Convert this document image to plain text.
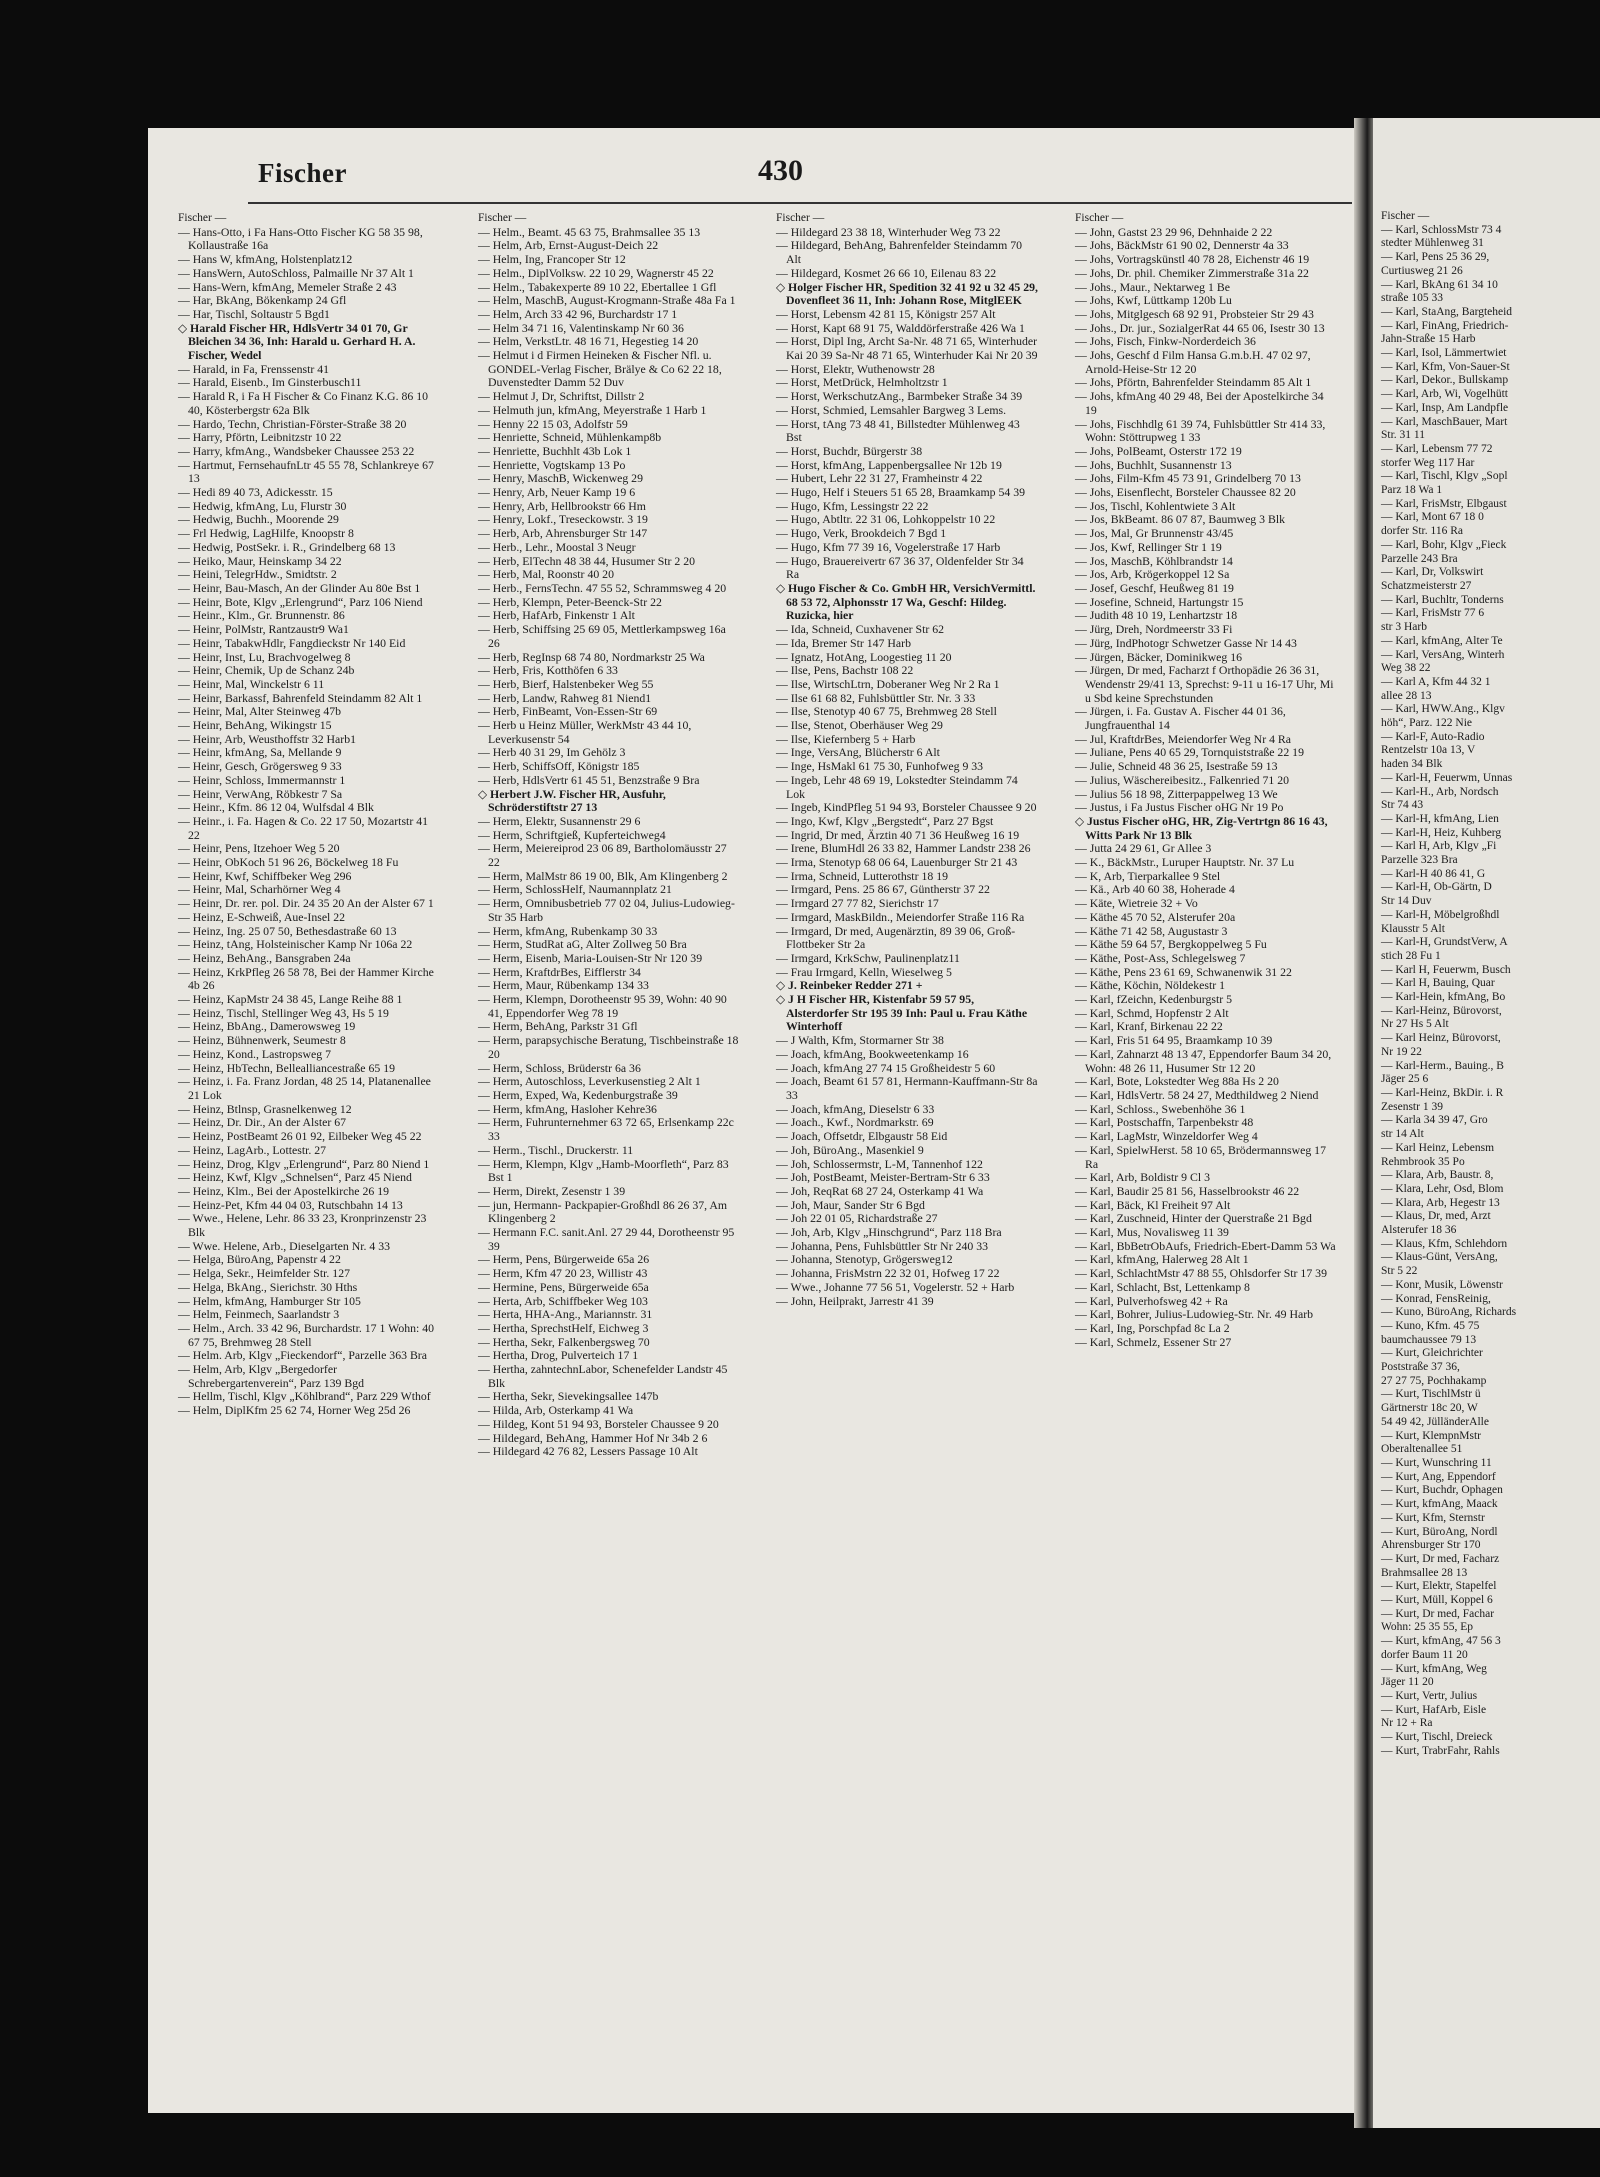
Fischer	430
Fischer —
— Hans-Otto, i Fa Hans-Otto Fischer KG 58 35 98, Kollaustraße 16a
— Hans W, kfmAng, Holstenplatz12
— HansWern, AutoSchloss, Palmaille Nr 37 Alt 1
— Hans-Wern, kfmAng, Memeler Straße 2 43
— Har, BkAng, Bökenkamp 24 Gfl
— Har, Tischl, Soltaustr 5 Bgd1
◇ Harald Fischer HR, HdlsVertr 34 01 70, Gr Bleichen 34 36, Inh: Harald u. Gerhard H. A. Fischer, Wedel
— Harald, in Fa, Frenssenstr 41
— Harald, Eisenb., Im Ginsterbusch11
— Harald R, i Fa H Fischer & Co Finanz K.G. 86 10 40, Kösterbergstr 62a Blk
— Hardo, Techn, Christian-Förster-Straße 38 20
— Harry, Pförtn, Leibnitzstr 10 22
— Harry, kfmAng., Wandsbeker Chaussee 253 22
— Hartmut, FernsehaufnLtr 45 55 78, Schlankreye 67 13
— Hedi 89 40 73, Adickesstr. 15
— Hedwig, kfmAng, Lu, Flurstr 30
— Hedwig, Buchh., Moorende 29
— Frl Hedwig, LagHilfe, Knoopstr 8
— Hedwig, PostSekr. i. R., Grindelberg 68 13
— Heiko, Maur, Heinskamp 34 22
— Heini, TelegrHdw., Smidtstr. 2
— Heinr, Bau-Masch, An der Glinder Au 80e Bst 1
— Heinr, Bote, Klgv „Erlengrund“, Parz 106 Niend
— Heinr., Klm., Gr. Brunnenstr. 86
— Heinr, PolMstr, Rantzaustr9 Wa1
— Heinr, TabakwHdlr, Fangdieckstr Nr 140 Eid
— Heinr, Inst, Lu, Brachvogelweg 8
— Heinr, Chemik, Up de Schanz 24b
— Heinr, Mal, Winckelstr 6 11
— Heinr, Barkassf, Bahrenfeld Steindamm 82 Alt 1
— Heinr, Mal, Alter Steinweg 47b
— Heinr, BehAng, Wikingstr 15
— Heinr, Arb, Weusthoffstr 32 Harb1
— Heinr, kfmAng, Sa, Mellande 9
— Heinr, Gesch, Grögersweg 9 33
— Heinr, Schloss, Immermannstr 1
— Heinr, VerwAng, Röbkestr 7 Sa
— Heinr., Kfm. 86 12 04, Wulfsdal 4 Blk
— Heinr., i. Fa. Hagen & Co. 22 17 50, Mozartstr 41 22
— Heinr, Pens, Itzehoer Weg 5 20
— Heinr, ObKoch 51 96 26, Böckelweg 18 Fu
— Heinr, Kwf, Schiffbeker Weg 296
— Heinr, Mal, Scharhörner Weg 4
— Heinr, Dr. rer. pol. Dir. 24 35 20 An der Alster 67 1
— Heinz, E-Schweiß, Aue-Insel 22
— Heinz, Ing. 25 07 50, Bethesdastraße 60 13
— Heinz, tAng, Holsteinischer Kamp Nr 106a 22
— Heinz, BehAng., Bansgraben 24a
— Heinz, KrkPfleg 26 58 78, Bei der Hammer Kirche 4b 26
— Heinz, KapMstr 24 38 45, Lange Reihe 88 1
— Heinz, Tischl, Stellinger Weg 43, Hs 5 19
— Heinz, BbAng., Damerowsweg 19
— Heinz, Bühnenwerk, Seumestr 8
— Heinz, Kond., Lastropsweg 7
— Heinz, HbTechn, Bellealliancestraße 65 19
— Heinz, i. Fa. Franz Jordan, 48 25 14, Platanenallee 21 Lok
— Heinz, Btlnsp, Grasnelkenweg 12
— Heinz, Dr. Dir., An der Alster 67
— Heinz, PostBeamt 26 01 92, Eilbeker Weg 45 22
— Heinz, LagArb., Lottestr. 27
— Heinz, Drog, Klgv „Erlengrund“, Parz 80 Niend 1
— Heinz, Kwf, Klgv „Schnelsen“, Parz 45 Niend
— Heinz, Klm., Bei der Apostelkirche 26 19
— Heinz-Pet, Kfm 44 04 03, Rutschbahn 14 13
— Wwe., Helene, Lehr. 86 33 23, Kronprinzenstr 23 Blk
— Wwe. Helene, Arb., Dieselgarten Nr. 4 33
— Helga, BüroAng, Papenstr 4 22
— Helga, Sekr., Heimfelder Str. 127
— Helga, BkAng., Sierichstr. 30 Hths
— Helm, kfmAng, Hamburger Str 105
— Helm, Feinmech, Saarlandstr 3
— Helm., Arch. 33 42 96, Burchardstr. 17 1 Wohn: 40 67 75, Brehmweg 28 Stell
— Helm. Arb, Klgv „Fieckendorf“, Parzelle 363 Bra
— Helm, Arb, Klgv „Bergedorfer Schrebergartenverein“, Parz 139 Bgd
— Hellm, Tischl, Klgv „Köhlbrand“, Parz 229 Wthof
— Helm, DiplKfm 25 62 74, Horner Weg 25d 26
Fischer —
— Helm., Beamt. 45 63 75, Brahmsallee 35 13
— Helm, Arb, Ernst-August-Deich 22
— Helm, Ing, Francoper Str 12
— Helm., DiplVolksw. 22 10 29, Wagnerstr 45 22
— Helm., Tabakexperte 89 10 22, Ebertallee 1 Gfl
— Helm, MaschB, August-Krogmann-Straße 48a Fa 1
— Helm, Arch 33 42 96, Burchardstr 17 1
— Helm 34 71 16, Valentinskamp Nr 60 36
— Helm, VerkstLtr. 48 16 71, Hegestieg 14 20
— Helmut i d Firmen Heineken & Fischer Nfl. u. GONDEL-Verlag Fischer, Brälye & Co 62 22 18, Duvenstedter Damm 52 Duv
— Helmut J, Dr, Schriftst, Dillstr 2
— Helmuth jun, kfmAng, Meyerstraße 1 Harb 1
— Henny 22 15 03, Adolfstr 59
— Henriette, Schneid, Mühlenkamp8b
— Henriette, Buchhlt 43b Lok 1
— Henriette, Vogtskamp 13 Po
— Henry, MaschB, Wickenweg 29
— Henry, Arb, Neuer Kamp 19 6
— Henry, Arb, Hellbrookstr 66 Hm
— Henry, Lokf., Treseckowstr. 3 19
— Herb, Arb, Ahrensburger Str 147
— Herb., Lehr., Moostal 3 Neugr
— Herb, ElTechn 48 38 44, Husumer Str 2 20
— Herb, Mal, Roonstr 40 20
— Herb., FernsTechn. 47 55 52, Schrammsweg 4 20
— Herb, Klempn, Peter-Beenck-Str 22
— Herb, HafArb, Finkenstr 1 Alt
— Herb, Schiffsing 25 69 05, Mettlerkampsweg 16a 26
— Herb, RegInsp 68 74 80, Nordmarkstr 25 Wa
— Herb, Fris, Kotthöfen 6 33
— Herb, Bierf, Halstenbeker Weg 55
— Herb, Landw, Rahweg 81 Niend1
— Herb, FinBeamt, Von-Essen-Str 69
— Herb u Heinz Müller, WerkMstr 43 44 10, Leverkusenstr 54
— Herb 40 31 29, Im Gehölz 3
— Herb, SchiffsOff, Königstr 185
— Herb, HdlsVertr 61 45 51, Benzstraße 9 Bra
◇ Herbert J.W. Fischer HR, Ausfuhr, Schröderstiftstr 27 13
— Herm, Elektr, Susannenstr 29 6
— Herm, Schriftgieß, Kupferteichweg4
— Herm, Meiereiprod 23 06 89, Bartholomäusstr 27 22
— Herm, MalMstr 86 19 00, Blk, Am Klingenberg 2
— Herm, SchlossHelf, Naumannplatz 21
— Herm, Omnibusbetrieb 77 02 04, Julius-Ludowieg-Str 35 Harb
— Herm, kfmAng, Rubenkamp 30 33
— Herm, StudRat aG, Alter Zollweg 50 Bra
— Herm, Eisenb, Maria-Louisen-Str Nr 120 39
— Herm, KraftdrBes, Eifflerstr 34
— Herm, Maur, Rübenkamp 134 33
— Herm, Klempn, Dorotheenstr 95 39, Wohn: 40 90 41, Eppendorfer Weg 78 19
— Herm, BehAng, Parkstr 31 Gfl
— Herm, parapsychische Beratung, Tischbeinstraße 18 20
— Herm, Schloss, Brüderstr 6a 36
— Herm, Autoschloss, Leverkusenstieg 2 Alt 1
— Herm, Exped, Wa, Kedenburgstraße 39
— Herm, kfmAng, Hasloher Kehre36
— Herm, Fuhrunternehmer 63 72 65, Erlsenkamp 22c 33
— Herm., Tischl., Druckerstr. 11
— Herm, Klempn, Klgv „Hamb-Moorfleth“, Parz 83 Bst 1
— Herm, Direkt, Zesenstr 1 39
— jun, Hermann- Packpapier-Großhdl 86 26 37, Am Klingenberg 2
— Hermann F.C. sanit.Anl. 27 29 44, Dorotheenstr 95 39
— Herm, Pens, Bürgerweide 65a 26
— Herm, Kfm 47 20 23, Willistr 43
— Hermine, Pens, Bürgerweide 65a
— Herta, Arb, Schiffbeker Weg 103
— Herta, HHA-Ang., Mariannstr. 31
— Hertha, SprechstHelf, Eichweg 3
— Hertha, Sekr, Falkenbergsweg 70
— Hertha, Drog, Pulverteich 17 1
— Hertha, zahntechnLabor, Schenefelder Landstr 45 Blk
— Hertha, Sekr, Sievekingsallee 147b
— Hilda, Arb, Osterkamp 41 Wa
— Hildeg, Kont 51 94 93, Borsteler Chaussee 9 20
— Hildegard, BehAng, Hammer Hof Nr 34b 2 6
— Hildegard 42 76 82, Lessers Passage 10 Alt
Fischer —
— Hildegard 23 38 18, Winterhuder Weg 73 22
— Hildegard, BehAng, Bahrenfelder Steindamm 70 Alt
— Hildegard, Kosmet 26 66 10, Eilenau 83 22
◇ Holger Fischer HR, Spedition 32 41 92 u 32 45 29, Dovenfleet 36 11, Inh: Johann Rose, MitglEEK
— Horst, Lebensm 42 81 15, Königstr 257 Alt
— Horst, Kapt 68 91 75, Walddörferstraße 426 Wa 1
— Horst, Dipl Ing, Archt Sa-Nr. 48 71 65, Winterhuder Kai 20 39 Sa-Nr 48 71 65, Winterhuder Kai Nr 20 39
— Horst, Elektr, Wuthenowstr 28
— Horst, MetDrück, Helmholtzstr 1
— Horst, WerkschutzAng., Barmbeker Straße 34 39
— Horst, Schmied, Lemsahler Bargweg 3 Lems.
— Horst, tAng 73 48 41, Billstedter Mühlenweg 43 Bst
— Horst, Buchdr, Bürgerstr 38
— Horst, kfmAng, Lappenbergsallee Nr 12b 19
— Hubert, Lehr 22 31 27, Framheinstr 4 22
— Hugo, Helf i Steuers 51 65 28, Braamkamp 54 39
— Hugo, Kfm, Lessingstr 22 22
— Hugo, Abtltr. 22 31 06, Lohkoppelstr 10 22
— Hugo, Verk, Brookdeich 7 Bgd 1
— Hugo, Kfm 77 39 16, Vogelerstraße 17 Harb
— Hugo, Brauereivertr 67 36 37, Oldenfelder Str 34 Ra
◇ Hugo Fischer & Co. GmbH HR, VersichVermittl. 68 53 72, Alphonsstr 17 Wa, Geschf: Hildeg. Ruzicka, hier
— Ida, Schneid, Cuxhavener Str 62
— Ida, Bremer Str 147 Harb
— Ignatz, HotAng, Loogestieg 11 20
— Ilse, Pens, Bachstr 108 22
— Ilse, WirtschLtrn, Doberaner Weg Nr 2 Ra 1
— Ilse 61 68 82, Fuhlsbüttler Str. Nr. 3 33
— Ilse, Stenotyp 40 67 75, Brehmweg 28 Stell
— Ilse, Stenot, Oberhäuser Weg 29
— Ilse, Kiefernberg 5 + Harb
— Inge, VersAng, Blücherstr 6 Alt
— Inge, HsMakl 61 75 30, Funhofweg 9 33
— Ingeb, Lehr 48 69 19, Lokstedter Steindamm 74 Lok
— Ingeb, KindPfleg 51 94 93, Borsteler Chaussee 9 20
— Ingo, Kwf, Klgv „Bergstedt“, Parz 27 Bgst
— Ingrid, Dr med, Ärztin 40 71 36 Heußweg 16 19
— Irene, BlumHdl 26 33 82, Hammer Landstr 238 26
— Irma, Stenotyp 68 06 64, Lauenburger Str 21 43
— Irma, Schneid, Lutterothstr 18 19
— Irmgard, Pens. 25 86 67, Güntherstr 37 22
— Irmgard 27 77 82, Sierichstr 17
— Irmgard, MaskBildn., Meiendorfer Straße 116 Ra
— Irmgard, Dr med, Augenärztin, 89 39 06, Groß-Flottbeker Str 2a
— Irmgard, KrkSchw, Paulinenplatz11
— Frau Irmgard, Kelln, Wieselweg 5
◇ J. Reinbeker Redder 271 +
◇ J H Fischer HR, Kistenfabr 59 57 95, Alsterdorfer Str 195 39 Inh: Paul u. Frau Käthe Winterhoff
— J Walth, Kfm, Stormarner Str 38
— Joach, kfmAng, Bookweetenkamp 16
— Joach, kfmAng 27 74 15 Großheidestr 5 60
— Joach, Beamt 61 57 81, Hermann-Kauffmann-Str 8a 33
— Joach, kfmAng, Dieselstr 6 33
— Joach., Kwf., Nordmarkstr. 69
— Joach, Offsetdr, Elbgaustr 58 Eid
— Joh, BüroAng., Masenkiel 9
— Joh, Schlossermstr, L-M, Tannenhof 122
— Joh, PostBeamt, Meister-Bertram-Str 6 33
— Joh, ReqRat 68 27 24, Osterkamp 41 Wa
— Joh, Maur, Sander Str 6 Bgd
— Joh 22 01 05, Richardstraße 27
— Joh, Arb, Klgv „Hinschgrund“, Parz 118 Bra
— Johanna, Pens, Fuhlsbüttler Str Nr 240 33
— Johanna, Stenotyp, Grögersweg12
— Johanna, FrisMstrn 22 32 01, Hofweg 17 22
— Wwe., Johanne 77 56 51, Vogelerstr. 52 + Harb
— John, Heilprakt, Jarrestr 41 39
Fischer —
— John, Gastst 23 29 96, Dehnhaide 2 22
— Johs, BäckMstr 61 90 02, Dennerstr 4a 33
— Johs, Vortragskünstl 40 78 28, Eichenstr 46 19
— Johs, Dr. phil. Chemiker Zimmerstraße 31a 22
— Johs., Maur., Nektarweg 1 Be
— Johs, Kwf, Lüttkamp 120b Lu
— Johs, Mitglgesch 68 92 91, Probsteier Str 29 43
— Johs., Dr. jur., SozialgerRat 44 65 06, Isestr 30 13
— Johs, Fisch, Finkw-Norderdeich 36
— Johs, Geschf d Film Hansa G.m.b.H. 47 02 97, Arnold-Heise-Str 12 20
— Johs, Pförtn, Bahrenfelder Steindamm 85 Alt 1
— Johs, kfmAng 40 29 48, Bei der Apostelkirche 34 19
— Johs, Fischhdlg 61 39 74, Fuhlsbüttler Str 414 33, Wohn: Stöttrupweg 1 33
— Johs, PolBeamt, Osterstr 172 19
— Johs, Buchhlt, Susannenstr 13
— Johs, Film-Kfm 45 73 91, Grindelberg 70 13
— Johs, Eisenflecht, Borsteler Chaussee 82 20
— Jos, Tischl, Kohlentwiete 3 Alt
— Jos, BkBeamt. 86 07 87, Baumweg 3 Blk
— Jos, Mal, Gr Brunnenstr 43/45
— Jos, Kwf, Rellinger Str 1 19
— Jos, MaschB, Köhlbrandstr 14
— Jos, Arb, Krögerkoppel 12 Sa
— Josef, Geschf, Heußweg 81 19
— Josefine, Schneid, Hartungstr 15
— Judith 48 10 19, Lenhartzstr 18
— Jürg, Dreh, Nordmeerstr 33 Fi
— Jürg, IndPhotogr Schwetzer Gasse Nr 14 43
— Jürgen, Bäcker, Dominikweg 16
— Jürgen, Dr med, Facharzt f Orthopädie 26 36 31, Wendenstr 29/41 13, Sprechst: 9-11 u 16-17 Uhr, Mi u Sbd keine Sprechstunden
— Jürgen, i. Fa. Gustav A. Fischer 44 01 36, Jungfrauenthal 14
— Jul, KraftdrBes, Meiendorfer Weg Nr 4 Ra
— Juliane, Pens 40 65 29, Tornquiststraße 22 19
— Julie, Schneid 48 36 25, Isestraße 59 13
— Julius, Wäschereibesitz., Falkenried 71 20
— Julius 56 18 98, Zitterpappelweg 13 We
— Justus, i Fa Justus Fischer oHG Nr 19 Po
◇ Justus Fischer oHG, HR, Zig-Vertrtgn 86 16 43, Witts Park Nr 13 Blk
— Jutta 24 29 61, Gr Allee 3
— K., BäckMstr., Luruper Hauptstr. Nr. 37 Lu
— K, Arb, Tierparkallee 9 Stel
— Kä., Arb 40 60 38, Hoherade 4
— Käte, Wietreie 32 + Vo
— Käthe 45 70 52, Alsterufer 20a
— Käthe 71 42 58, Augustastr 3
— Käthe 59 64 57, Bergkoppelweg 5 Fu
— Käthe, Post-Ass, Schlegelsweg 7
— Käthe, Pens 23 61 69, Schwanenwik 31 22
— Käthe, Köchin, Nöldekestr 1
— Karl, fZeichn, Kedenburgstr 5
— Karl, Schmd, Hopfenstr 2 Alt
— Karl, Kranf, Birkenau 22 22
— Karl, Fris 51 64 95, Braamkamp 10 39
— Karl, Zahnarzt 48 13 47, Eppendorfer Baum 34 20, Wohn: 48 26 11, Husumer Str 12 20
— Karl, Bote, Lokstedter Weg 88a Hs 2 20
— Karl, HdlsVertr. 58 24 27, Medthildweg 2 Niend
— Karl, Schloss., Swebenhöhe 36 1
— Karl, Postschaffn, Tarpenbekstr 48
— Karl, LagMstr, Winzeldorfer Weg 4
— Karl, SpielwHerst. 58 10 65, Brödermannsweg 17 Ra
— Karl, Arb, Boldistr 9 Cl 3
— Karl, Baudir 25 81 56, Hasselbrookstr 46 22
— Karl, Bäck, Kl Freiheit 97 Alt
— Karl, Zuschneid, Hinter der Querstraße 21 Bgd
— Karl, Mus, Novalisweg 11 39
— Karl, BbBetrObAufs, Friedrich-Ebert-Damm 53 Wa
— Karl, kfmAng, Halerweg 28 Alt 1
— Karl, SchlachtMstr 47 88 55, Ohlsdorfer Str 17 39
— Karl, Schlacht, Bst, Lettenkamp 8
— Karl, Pulverhofsweg 42 + Ra
— Karl, Bohrer, Julius-Ludowieg-Str. Nr. 49 Harb
— Karl, Ing, Porschpfad 8c La 2
— Karl, Schmelz, Essener Str 27
Fischer —
— Karl, SchlossMstr 73 4
stedter Mühlenweg 31
— Karl, Pens 25 36 29,
Curtiusweg 21 26
— Karl, BkAng 61 34 10
straße 105 33
— Karl, StaAng, Bargteheid
— Karl, FinAng, Friedrich-
Jahn-Straße 15 Harb
— Karl, Isol, Lämmertwiet
— Karl, Kfm, Von-Sauer-St
— Karl, Dekor., Bullskamp
— Karl, Arb, Wi, Vogelhütt
— Karl, Insp, Am Landpfle
— Karl, MaschBauer, Mart
Str. 31 11
— Karl, Lebensm 77 72
storfer Weg 117 Har
— Karl, Tischl, Klgv „Sopl
Parz 18 Wa 1
— Karl, FrisMstr, Elbgaust
— Karl, Mont 67 18 0
dorfer Str. 116 Ra
— Karl, Bohr, Klgv „Fieck
Parzelle 243 Bra
— Karl, Dr, Volkswirt
Schatzmeisterstr 27
— Karl, Buchltr, Tonderns
— Karl, FrisMstr 77 6
str 3 Harb
— Karl, kfmAng, Alter Te
— Karl, VersAng, Winterh
Weg 38 22
— Karl A, Kfm 44 32 1
allee 28 13
— Karl, HWW.Ang., Klgv
höh“, Parz. 122 Nie
— Karl-F, Auto-Radio
Rentzelstr 10a 13, V
haden 34 Blk
— Karl-H, Feuerwm, Unnas
— Karl-H., Arb, Nordsch
Str 74 43
— Karl-H, kfmAng, Lien
— Karl-H, Heiz, Kuhberg
— Karl H, Arb, Klgv „Fi
Parzelle 323 Bra
— Karl-H 40 86 41, G
— Karl-H, Ob-Gärtn, D
Str 14 Duv
— Karl-H, Möbelgroßhdl
Klausstr 5 Alt
— Karl-H, GrundstVerw, A
stich 28 Fu 1
— Karl H, Feuerwm, Busch
— Karl H, Bauing, Quar
— Karl-Hein, kfmAng, Bo
— Karl-Heinz, Bürovorst,
Nr 27 Hs 5 Alt
— Karl Heinz, Bürovorst,
Nr 19 22
— Karl-Herm., Bauing., B
Jäger 25 6
— Karl-Heinz, BkDir. i. R
Zesenstr 1 39
— Karla 34 39 47, Gro
str 14 Alt
— Karl Heinz, Lebensm
Rehmbrook 35 Po
— Klara, Arb, Baustr. 8,
— Klara, Lehr, Osd, Blom
— Klara, Arb, Hegestr 13
— Klaus, Dr, med, Arzt
Alsterufer 18 36
— Klaus, Kfm, Schlehdorn
— Klaus-Günt, VersAng,
Str 5 22
— Konr, Musik, Löwenstr
— Konrad, FensReinig,
— Kuno, BüroAng, Richards
— Kuno, Kfm. 45 75
baumchaussee 79 13
— Kurt, Gleichrichter
Poststraße 37 36,
27 27 75, Pochhakamp
— Kurt, TischlMstr ü
Gärtnerstr 18c 20, W
54 49 42, JülländerAlle
— Kurt, KlempnMstr
Oberaltenallee 51
— Kurt, Wunschring 11
— Kurt, Ang, Eppendorf
— Kurt, Buchdr, Ophagen
— Kurt, kfmAng, Maack
— Kurt, Kfm, Sternstr
— Kurt, BüroAng, Nordl
Ahrensburger Str 170
— Kurt, Dr med, Facharz
Brahmsallee 28 13
— Kurt, Elektr, Stapelfel
— Kurt, Müll, Koppel 6
— Kurt, Dr med, Fachar
Wohn: 25 35 55, Ep
— Kurt, kfmAng, 47 56 3
dorfer Baum 11 20
— Kurt, kfmAng, Weg
Jäger 11 20
— Kurt, Vertr, Julius
— Kurt, HafArb, Eisle
Nr 12 + Ra
— Kurt, Tischl, Dreieck
— Kurt, TrabrFahr, Rahls
